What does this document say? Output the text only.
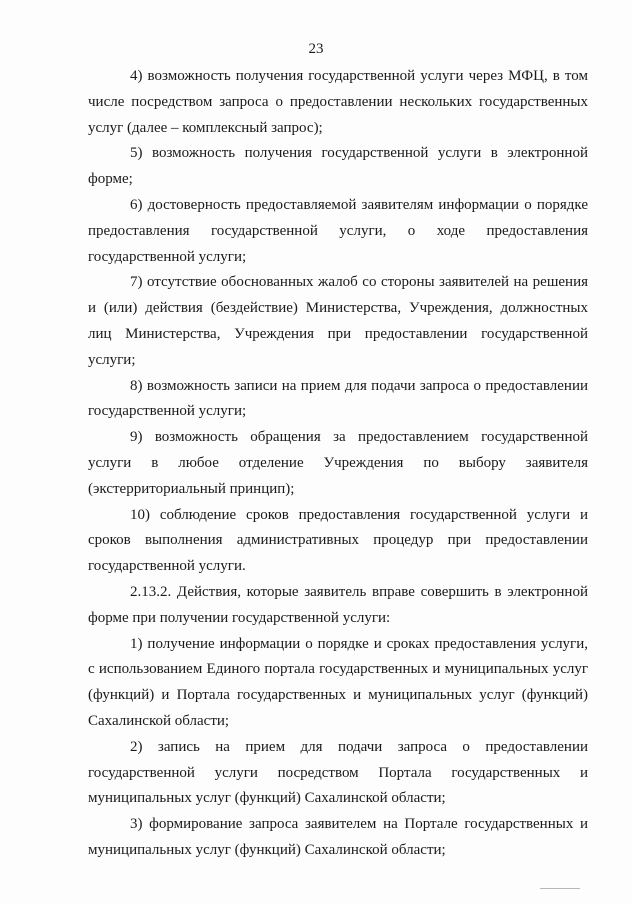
23

4) возможность получения государственной услуги через МФЦ, в том числе посредством запроса о предоставлении нескольких государственных услуг (далее – комплексный запрос);

5) возможность получения государственной услуги в электронной форме;

6) достоверность предоставляемой заявителям информации о порядке предоставления государственной услуги, о ходе предоставления государственной услуги;

7) отсутствие обоснованных жалоб со стороны заявителей на решения и (или) действия (бездействие) Министерства, Учреждения, должностных лиц Министерства, Учреждения при предоставлении государственной услуги;

8) возможность записи на прием для подачи запроса о предоставлении государственной услуги;

9) возможность обращения за предоставлением государственной услуги в любое отделение Учреждения по выбору заявителя (экстерриториальный принцип);

10) соблюдение сроков предоставления государственной услуги и сроков выполнения административных процедур при предоставлении государственной услуги.

2.13.2. Действия, которые заявитель вправе совершить в электронной форме при получении государственной услуги:

1) получение информации о порядке и сроках предоставления услуги, с использованием Единого портала государственных и муниципальных услуг (функций) и Портала государственных и муниципальных услуг (функций) Сахалинской области;

2) запись на прием для подачи запроса о предоставлении государственной услуги посредством Портала государственных и муниципальных услуг (функций) Сахалинской области;

3) формирование запроса заявителем на Портале государственных и муниципальных услуг (функций) Сахалинской области;
